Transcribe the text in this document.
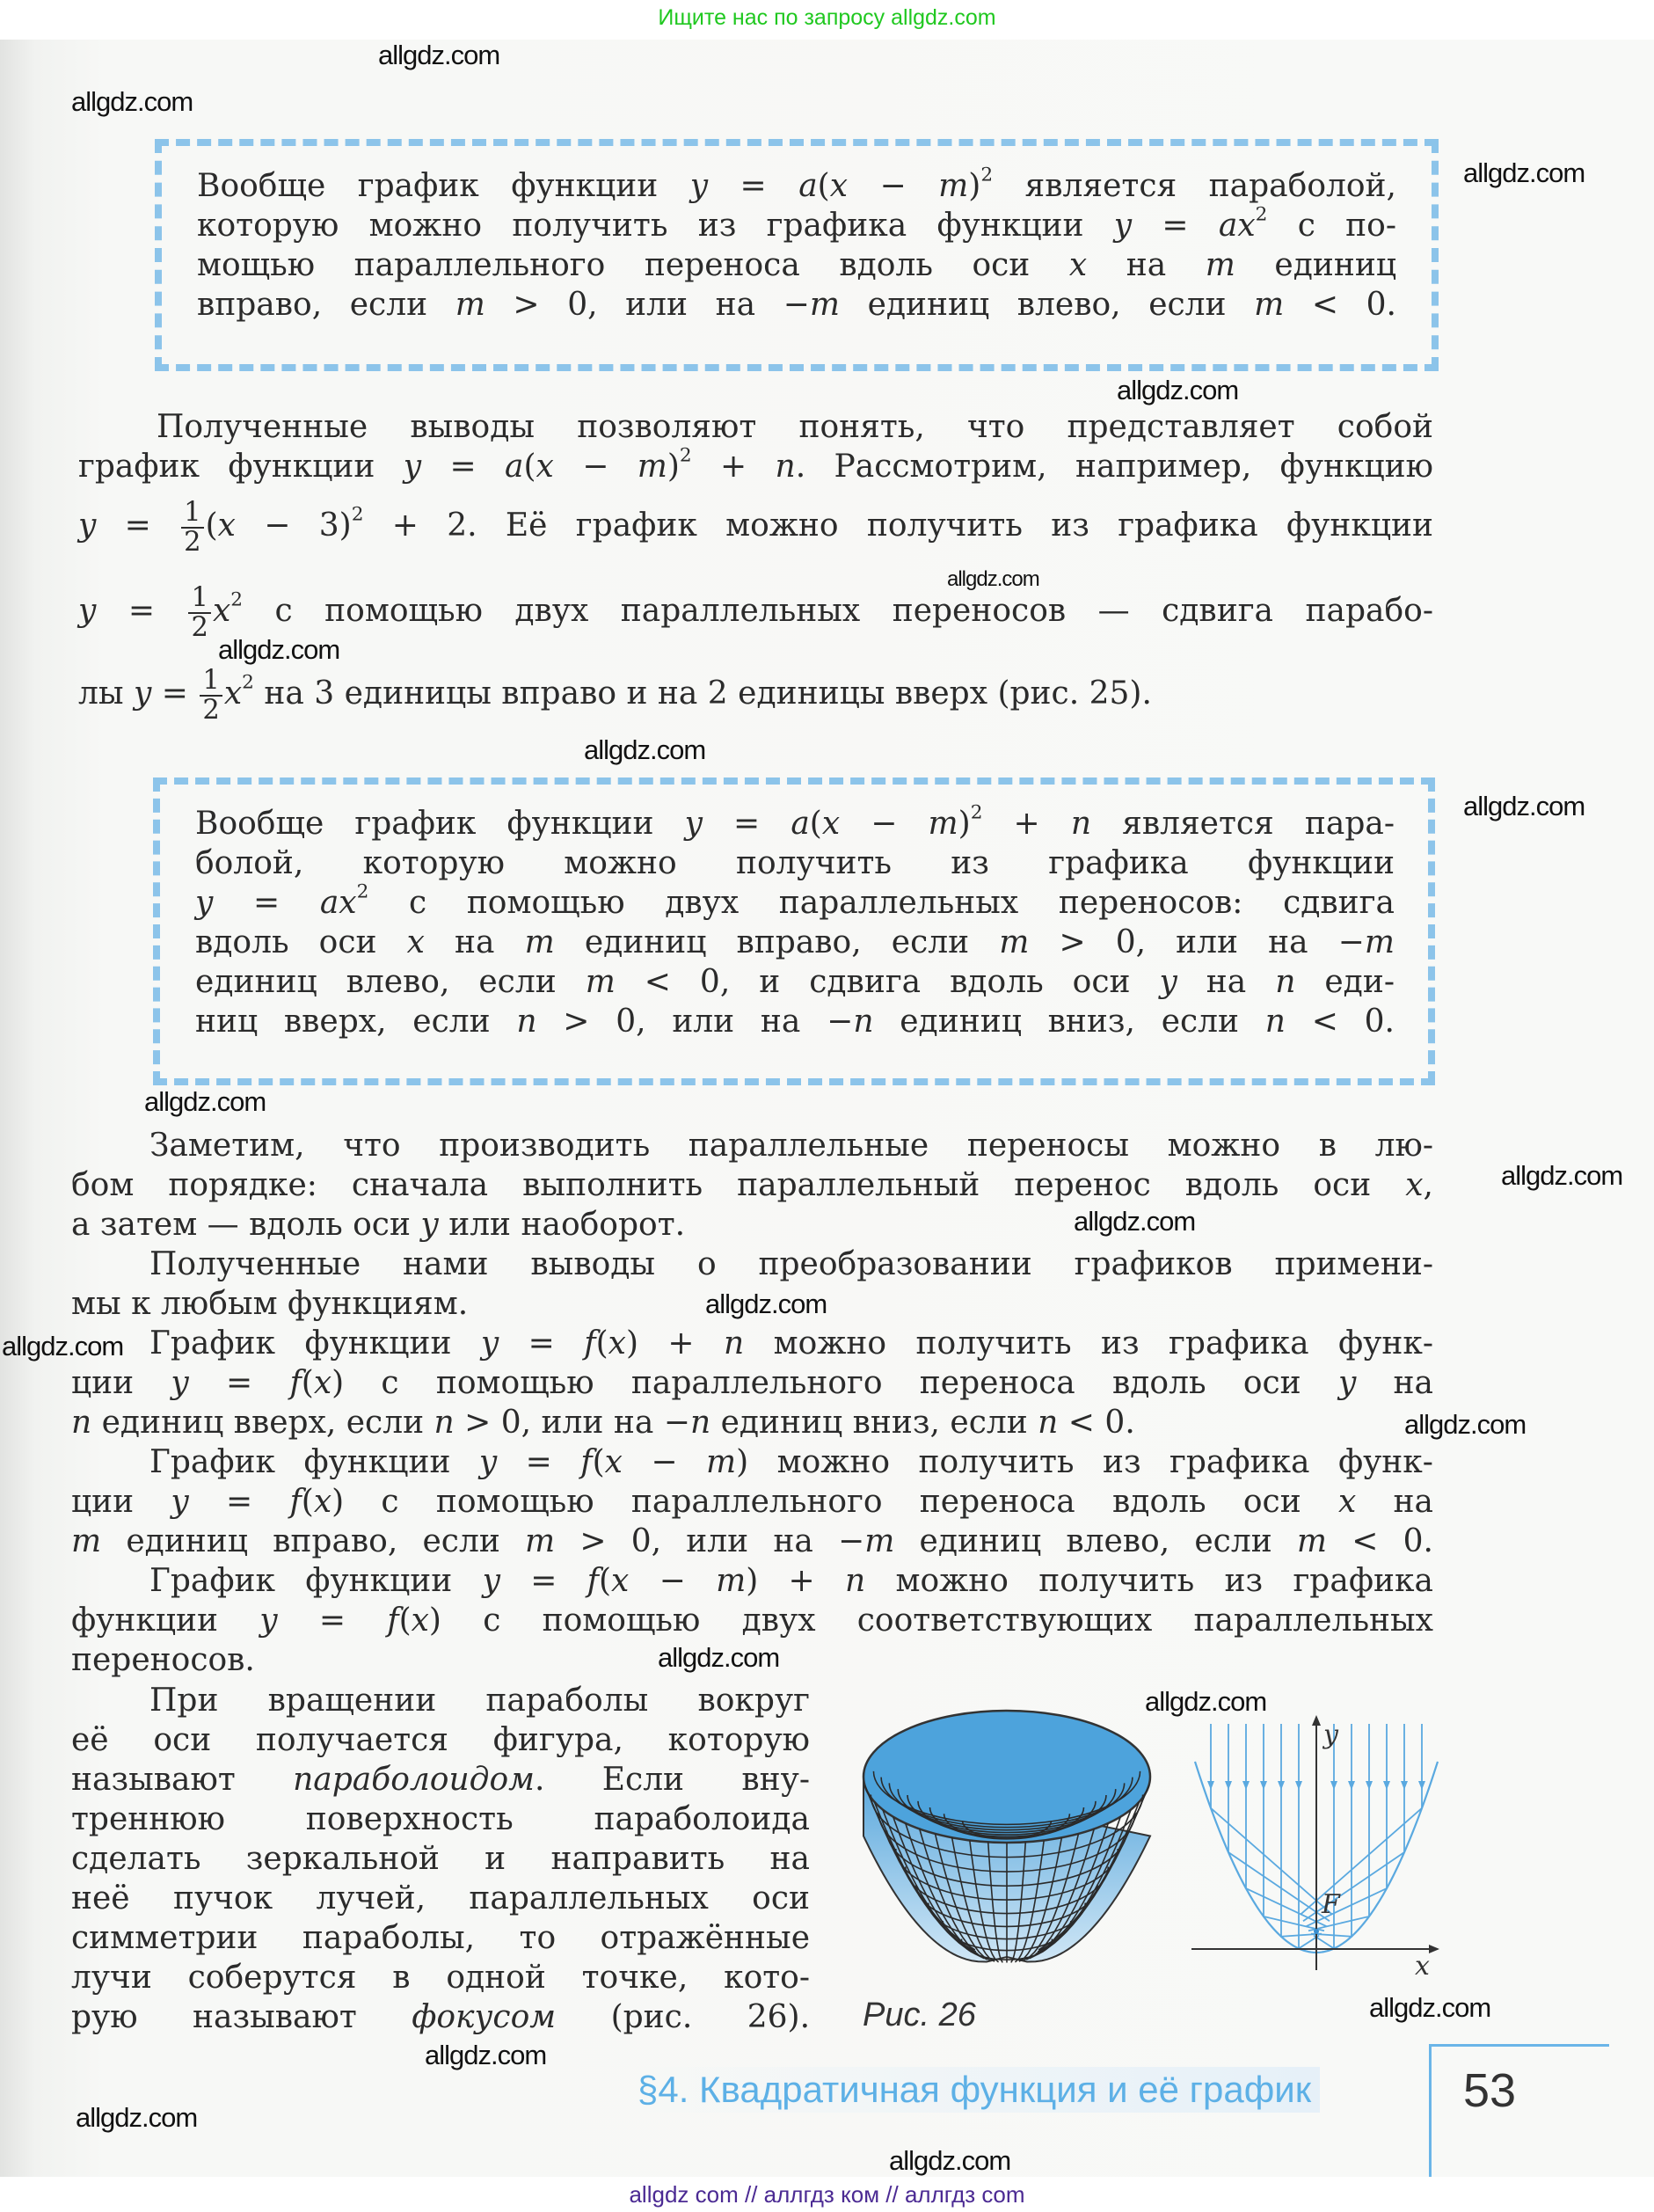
Ищите нас по запросу allgdz.com
Вообще график функции $y = a(x - m)^2$ является параболой,
которую можно получить из графика функции $y = ax^2$ с по-
мощью параллельного переноса вдоль оси x на m единиц
вправо, если m > 0, или на −m единиц влево, если m < 0.
Полученные выводы позволяют понять, что представляет собой
график функции $y = a(x - m)^2 + n$. Рассмотрим, например, функцию
$y = \frac{1}{2} (x - 3)^2 + 2$. Её график можно получить из графика функции
$y = \frac{1}{2} x^2$ с помощью двух параллельных переносов — сдвига парабо-
лы $y = \frac{1}{2} x^2$ на 3 единицы вправо и на 2 единицы вверх (рис. 25).
Вообще график функции $y = a(x - m)^2 + n$ является пара-
болой, которую можно получить из графика функции
$y = ax^2$ с помощью двух параллельных переносов: сдвига
вдоль оси x на m единиц вправо, если m > 0, или на −m
единиц влево, если m < 0, и сдвига вдоль оси y на n еди-
ниц вверх, если n > 0, или на −n единиц вниз, если n < 0.
Заметим, что производить параллельные переносы можно в лю-
бом порядке: сначала выполнить параллельный перенос вдоль оси x,
а затем — вдоль оси y или наоборот.
Полученные нами выводы о преобразовании графиков примени-
мы к любым функциям.
График функции y = f(x) + n можно получить из графика функ-
ции y = f(x) с помощью параллельного переноса вдоль оси y на
n единиц вверх, если n > 0, или на −n единиц вниз, если n < 0.
График функции y = f(x − m) можно получить из графика функ-
ции y = f(x) с помощью параллельного переноса вдоль оси x на
m единиц вправо, если m > 0, или на −m единиц влево, если m < 0.
График функции y = f(x − m) + n можно получить из графика
функции y = f(x) с помощью двух соответствующих параллельных
переносов.
При вращении параболы вокруг
её оси получается фигура, которую
называют параболоидом. Если вну-
треннюю поверхность параболоида
сделать зеркальной и направить на
неё пучок лучей, параллельных оси
симметрии параболы, то отражённые
лучи соберутся в одной точке, кото-
рую называют фокусом (рис. 26).
y
x
F
Рис. 26
§4. Квадратичная функция и её график	53
allgdz.com
allgdz.com
allgdz.com
allgdz.com
allgdz.com
allgdz.com
allgdz.com
allgdz.com
allgdz.com
allgdz.com
allgdz.com
allgdz.com
allgdz.com
allgdz.com
allgdz.com
allgdz.com
allgdz.com
allgdz.com
allgdz.com
allgdz.com
allgdz com // аллгдз ком // аллгдз com
